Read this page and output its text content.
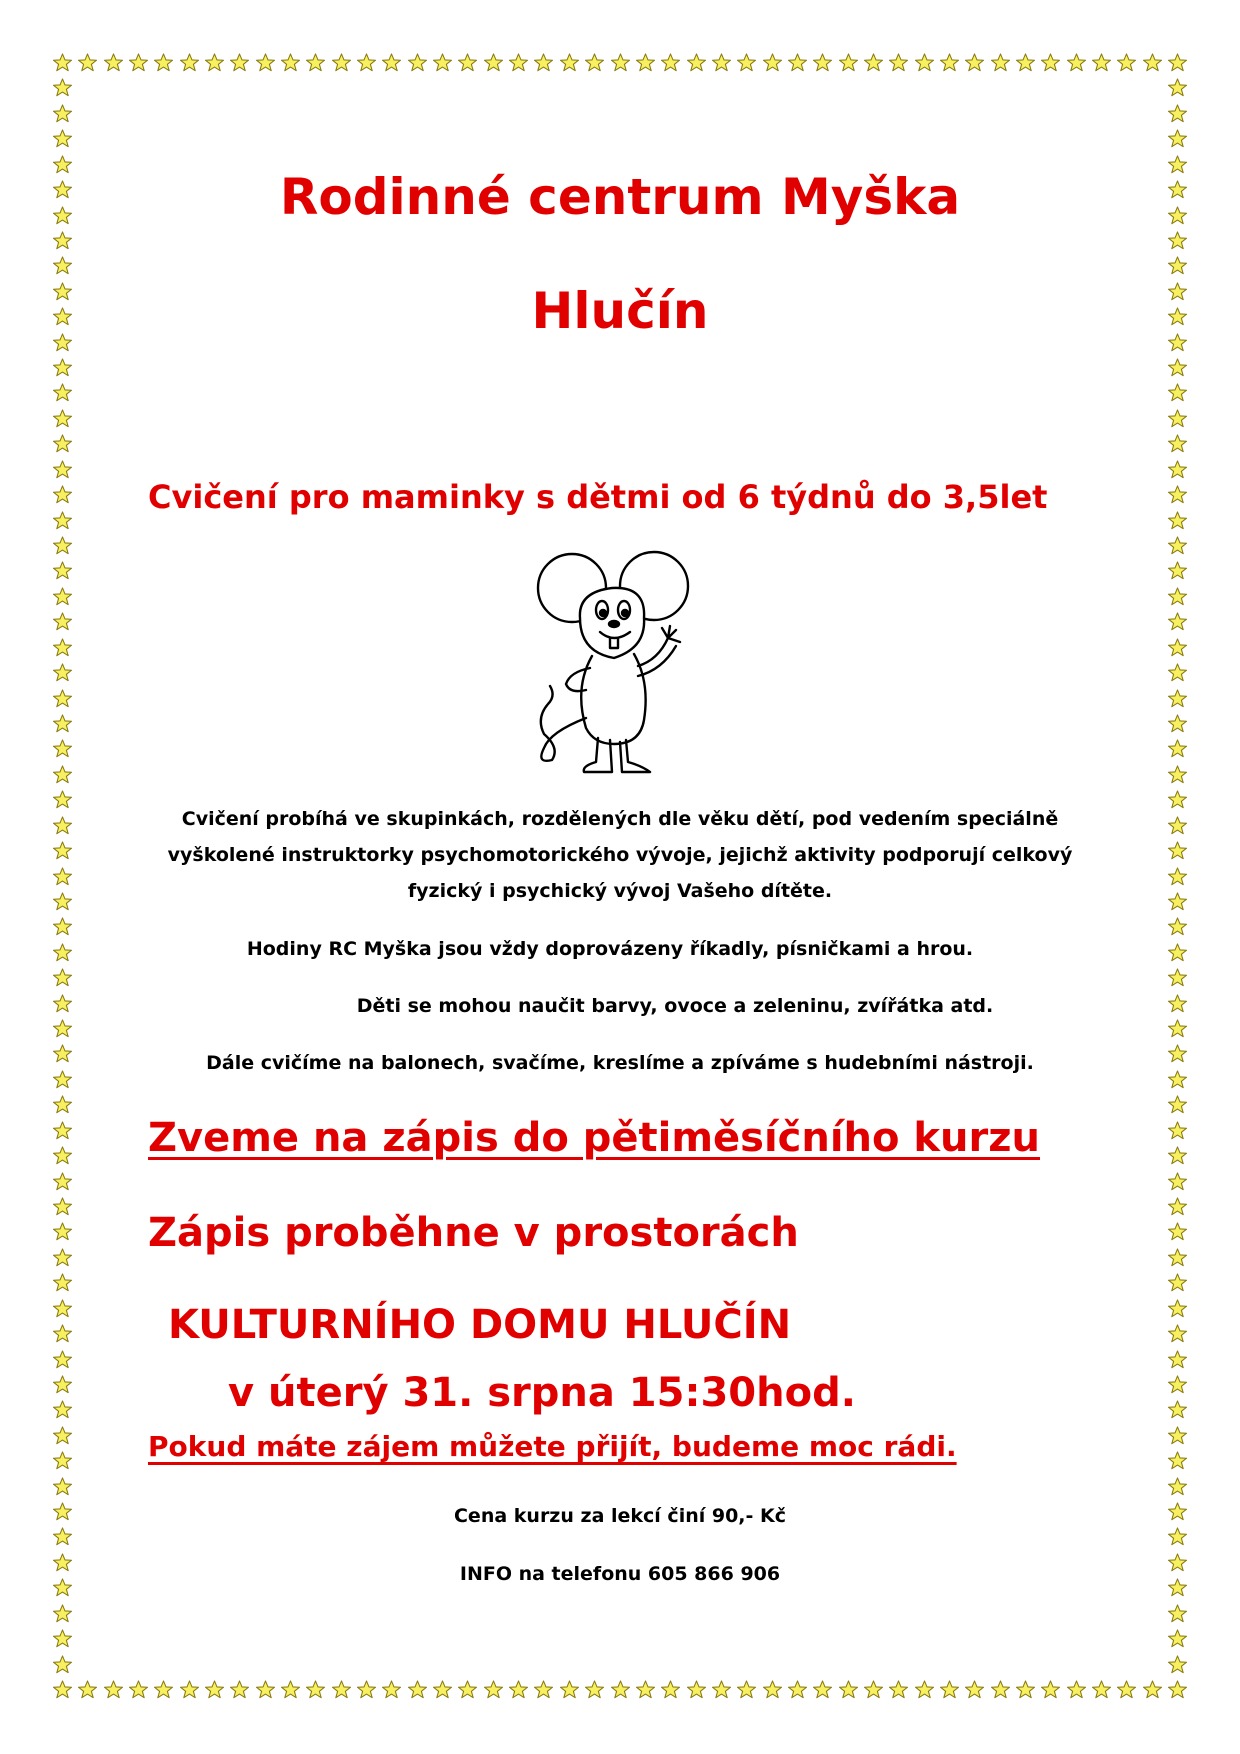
Rodinné centrum Myška
Hlučín
Cvičení pro maminky s dětmi od 6 týdnů do 3,5let
Cvičení probíhá ve skupinkách, rozdělených dle věku dětí, pod vedením speciálně
vyškolené instruktorky psychomotorického vývoje, jejichž aktivity podporují celkový
fyzický i psychický vývoj Vašeho dítěte.
Hodiny RC Myška jsou vždy doprovázeny říkadly, písničkami a hrou.
Děti se mohou naučit barvy, ovoce a zeleninu, zvířátka atd.
Dále cvičíme na balonech, svačíme, kreslíme a zpíváme s hudebními nástroji.
Zveme na zápis do pětiměsíčního kurzu
Zápis proběhne v prostorách
KULTURNÍHO DOMU HLUČÍN
v úterý 31. srpna 15:30hod.
Pokud máte zájem můžete přijít, budeme moc rádi.
Cena kurzu za lekcí činí 90,- Kč
INFO na telefonu 605 866 906
